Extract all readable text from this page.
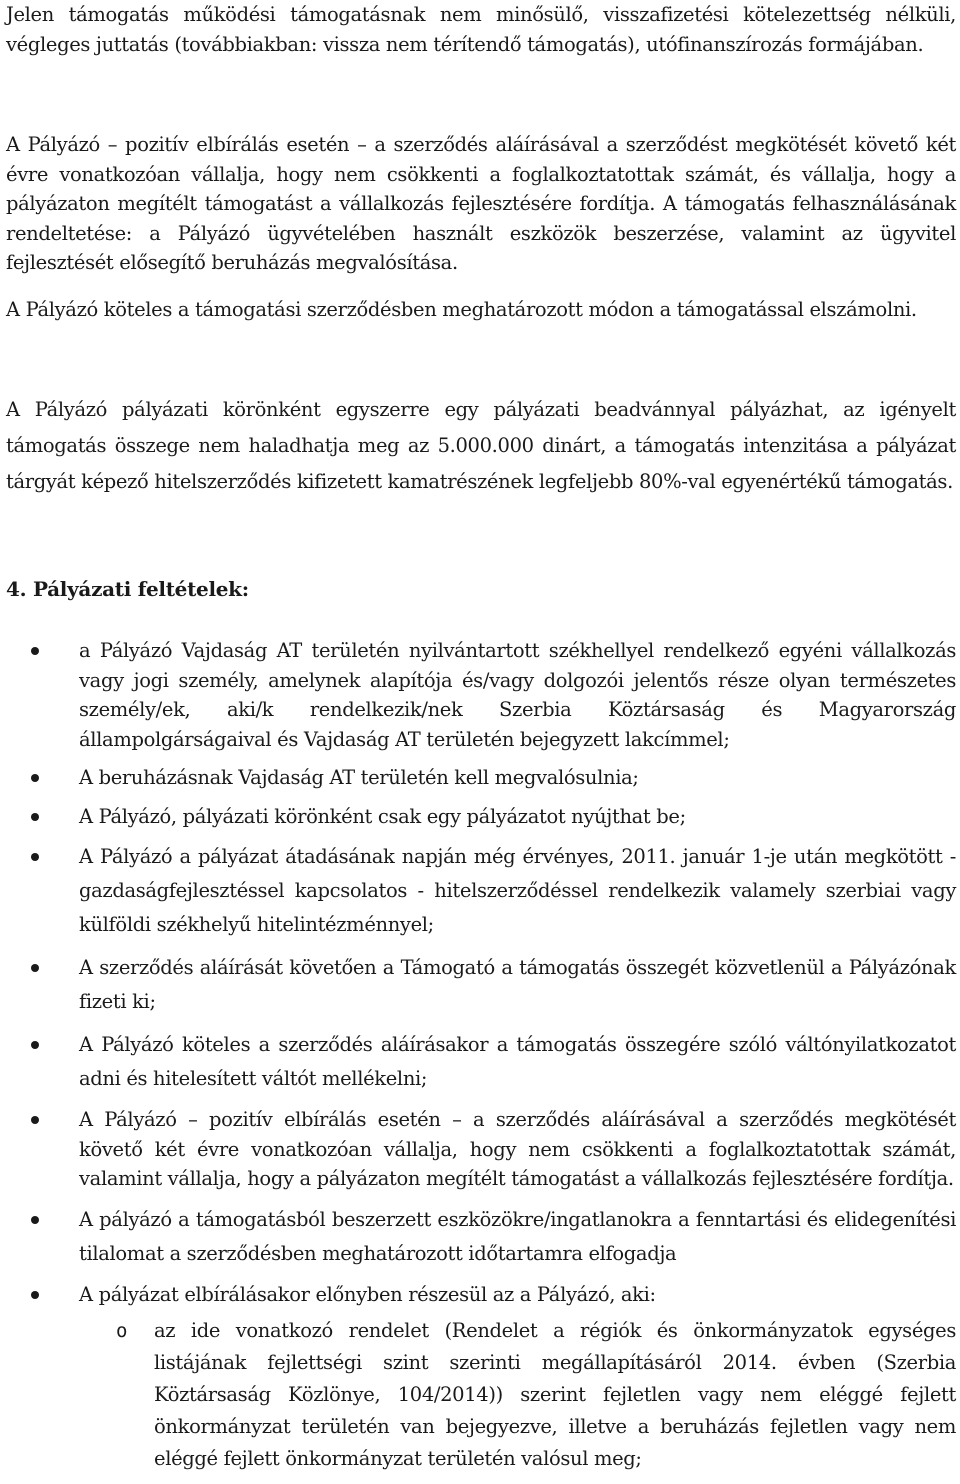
Jelen támogatás működési támogatásnak nem minősülő, visszafizetési kötelezettség nélküli, végleges juttatás (továbbiakban: vissza nem térítendő támogatás), utófinanszírozás formájában.

A Pályázó – pozitív elbírálás esetén – a szerződés aláírásával a szerződést megkötését követő két évre vonatkozóan vállalja, hogy nem csökkenti a foglalkoztatottak számát, és vállalja, hogy a pályázaton megítélt támogatást a vállalkozás fejlesztésére fordítja. A támogatás felhasználásának rendeltetése: a Pályázó ügyvételében használt eszközök beszerzése, valamint az ügyvitel fejlesztését elősegítő beruházás megvalósítása.

A Pályázó köteles a támogatási szerződésben meghatározott módon a támogatással elszámolni.

A Pályázó pályázati körönként egyszerre egy pályázati beadvánnyal pályázhat, az igényelt támogatás összege nem haladhatja meg az 5.000.000 dinárt, a támogatás intenzitása a pályázat tárgyát képező hitelszerződés kifizetett kamatrészének legfeljebb 80%-val egyenértékű támogatás.

4. Pályázati feltételek:
a Pályázó Vajdaság AT területén nyilvántartott székhellyel rendelkező egyéni vállalkozás vagy jogi személy, amelynek alapítója és/vagy dolgozói jelentős része olyan természetes személy/ek, aki/k rendelkezik/nek Szerbia Köztársaság és Magyarország állampolgárságaival és Vajdaság AT területén bejegyzett lakcímmel;
A beruházásnak Vajdaság AT területén kell megvalósulnia;
A Pályázó, pályázati körönként csak egy pályázatot nyújthat be;
A Pályázó a pályázat átadásának napján még érvényes, 2011. január 1-je után megkötött - gazdaságfejlesztéssel kapcsolatos - hitelszerződéssel rendelkezik valamely szerbiai vagy külföldi székhelyű hitelintézménnyel;
A szerződés aláírását követően a Támogató a támogatás összegét közvetlenül a Pályázónak fizeti ki;
A Pályázó köteles a szerződés aláírásakor a támogatás összegére szóló váltónyilatkozatot adni és hitelesített váltót mellékelni;
A Pályázó – pozitív elbírálás esetén – a szerződés aláírásával a szerződés megkötését követő két évre vonatkozóan vállalja, hogy nem csökkenti a foglalkoztatottak számát, valamint vállalja, hogy a pályázaton megítélt támogatást a vállalkozás fejlesztésére fordítja.
A pályázó a támogatásból beszerzett eszközökre/ingatlanokra a fenntartási és elidegenítési tilalomat a szerződésben meghatározott időtartamra elfogadja
A pályázat elbírálásakor előnyben részesül az a Pályázó, aki:
o az ide vonatkozó rendelet (Rendelet a régiók és önkormányzatok egységes listájának fejlettségi szint szerinti megállapításáról 2014. évben (Szerbia Köztársaság Közlönye, 104/2014)) szerint fejletlen vagy nem eléggé fejlett önkormányzat területén van bejegyezve, illetve a beruházás fejletlen vagy nem eléggé fejlett önkormányzat területén valósul meg;
